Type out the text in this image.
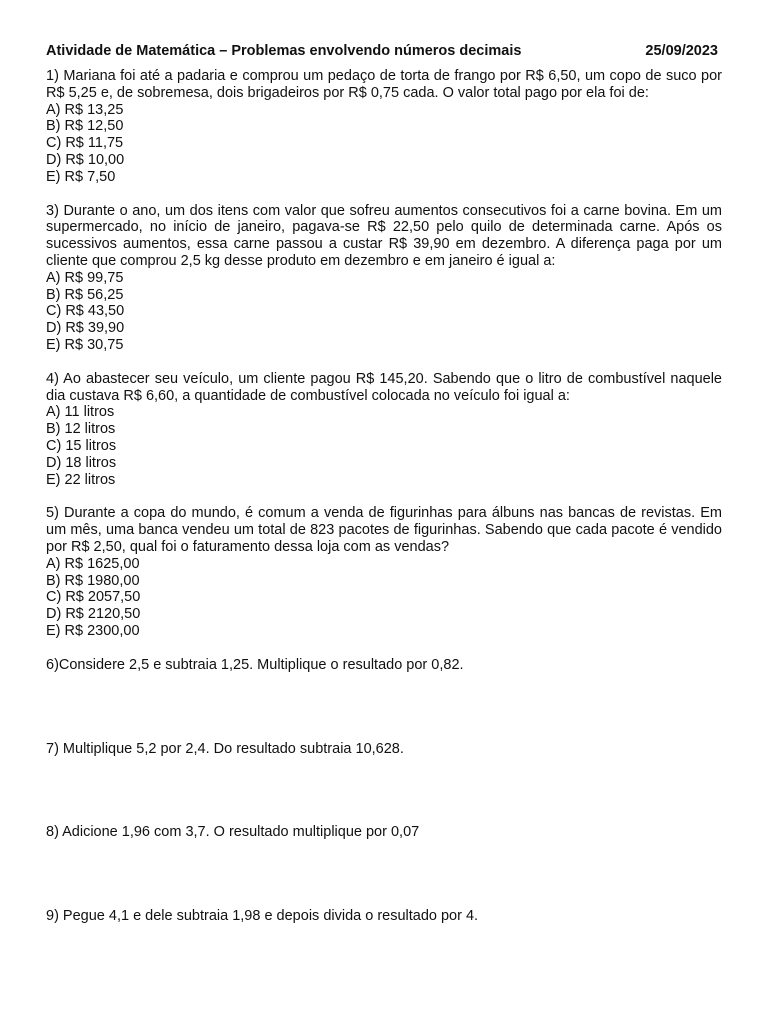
Atividade de Matemática – Problemas envolvendo números decimais	25/09/2023

1) Mariana foi até a padaria e comprou um pedaço de torta de frango por R$ 6,50, um copo de suco por R$ 5,25 e, de sobremesa, dois brigadeiros por R$ 0,75 cada. O valor total pago por ela foi de:

A) R$ 13,25
B) R$ 12,50
C) R$ 11,75
D) R$ 10,00
E) R$ 7,50

3) Durante o ano, um dos itens com valor que sofreu aumentos consecutivos foi a carne bovina. Em um supermercado, no início de janeiro, pagava-se R$ 22,50 pelo quilo de determinada carne. Após os sucessivos aumentos, essa carne passou a custar R$ 39,90 em dezembro. A diferença paga por um cliente que comprou 2,5 kg desse produto em dezembro e em janeiro é igual a:

A) R$ 99,75
B) R$ 56,25
C) R$ 43,50
D) R$ 39,90
E) R$ 30,75

4) Ao abastecer seu veículo, um cliente pagou R$ 145,20. Sabendo que o litro de combustível naquele dia custava R$ 6,60, a quantidade de combustível colocada no veículo foi igual a:

A) 11 litros
B) 12 litros
C) 15 litros
D) 18 litros
E) 22 litros

5) Durante a copa do mundo, é comum a venda de figurinhas para álbuns nas bancas de revistas. Em um mês, uma banca vendeu um total de 823 pacotes de figurinhas. Sabendo que cada pacote é vendido por R$ 2,50, qual foi o faturamento dessa loja com as vendas?

A) R$ 1625,00
B) R$ 1980,00
C) R$ 2057,50
D) R$ 2120,50
E) R$ 2300,00

6)Considere 2,5 e subtraia 1,25. Multiplique o resultado por 0,82.

7) Multiplique 5,2 por 2,4. Do resultado subtraia 10,628.

8) Adicione 1,96 com 3,7. O resultado multiplique por 0,07

9) Pegue 4,1 e dele subtraia 1,98 e depois divida o resultado por 4.
